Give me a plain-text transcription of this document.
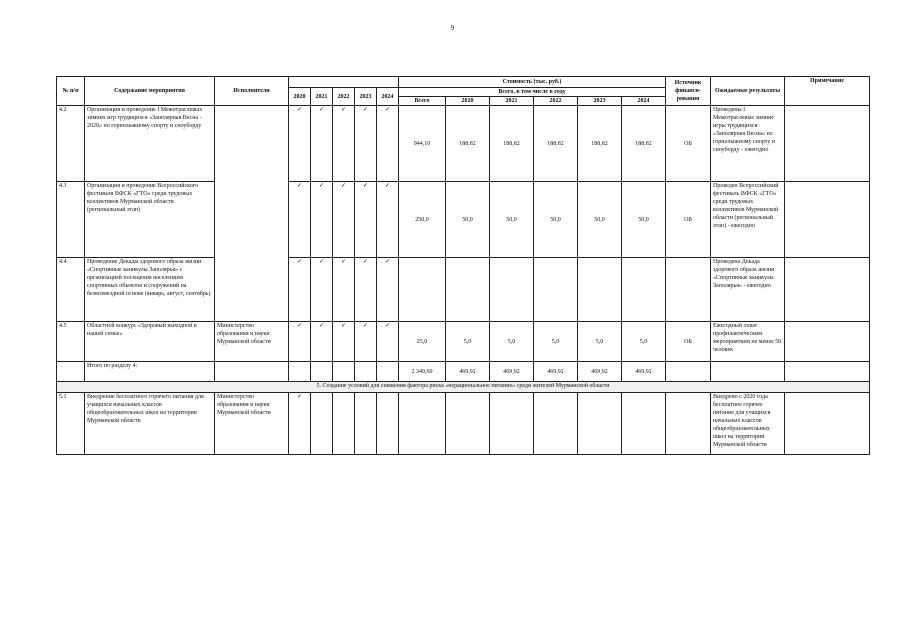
9
№ п/п	Содержание мероприятия	Исполнители						Стоимость (тыс. руб.)						Источник финанси-рования	Ожидаемые результаты	Примечание
			2020	2021	2022	2023	2024	Всего, в том числе в году								
								Всего	2020	2021	2022	2023	2024			
4.2	Организация и проведение I Межотраслевых зимних игр трудящихся «Заполярная Весна - 2020» по горнолыжному спорту и сноуборду		✓	✓	✓	✓	✓	944,10	188,82	188,82	188,82	188,82	188,82	ОБ	Проведены I Межотраслевые зимние игры трудящихся «Заполярная Весна» по горнолыжному спорту и сноуборду - ежегодно	
4.3	Организация и проведение Всероссийского фестиваля ВФСК «ГТО» среди трудовых коллективов Мурманской области (региональный этап)		✓	✓	✓	✓	✓	250,0	50,0	50,0	50,0	50,0	50,0	ОБ	Проведен Всероссийский фестиваль ВФСК «ГТО» среди трудовых коллективов Мурманской области (региональный этап) - ежегодно	
4.4	Проведение Декады здорового образа жизни «Спортивные каникулы Заполярья» с организацией посещения населением спортивных объектов и сооружений на безвозмездной основе (январь, август, сентябрь)		✓	✓	✓	✓	✓								Проведена Декада здорового образа жизни «Спортивные каникулы Заполярья» - ежегодно	
4.5	Областной конкурс «Здоровый выходной в нашей семье»	Министерство образования и науки Мурманской области	✓	✓	✓	✓	✓	25,0	5,0	5,0	5,0	5,0	5,0	ОБ	Ежегодный охват профилактическим мероприятием не менее 50 человек	
	Итого по разделу 4:							2 349,60	469,92	469,92	469,92	469,92	469,92			
5. Создание условий для снижения фактора риска «нерациональное питание» среди жителей Мурманской области																
5.1	Внедрение бесплатного горячего питания для учащихся начальных классов общеобразовательных школ на территории Мурманской области	Министерство образования и науки Мурманской области	✓												Внедрено с 2020 года бесплатное горячее питание для учащихся начальных классов общеобразовательных школ на территории Мурманской области	
